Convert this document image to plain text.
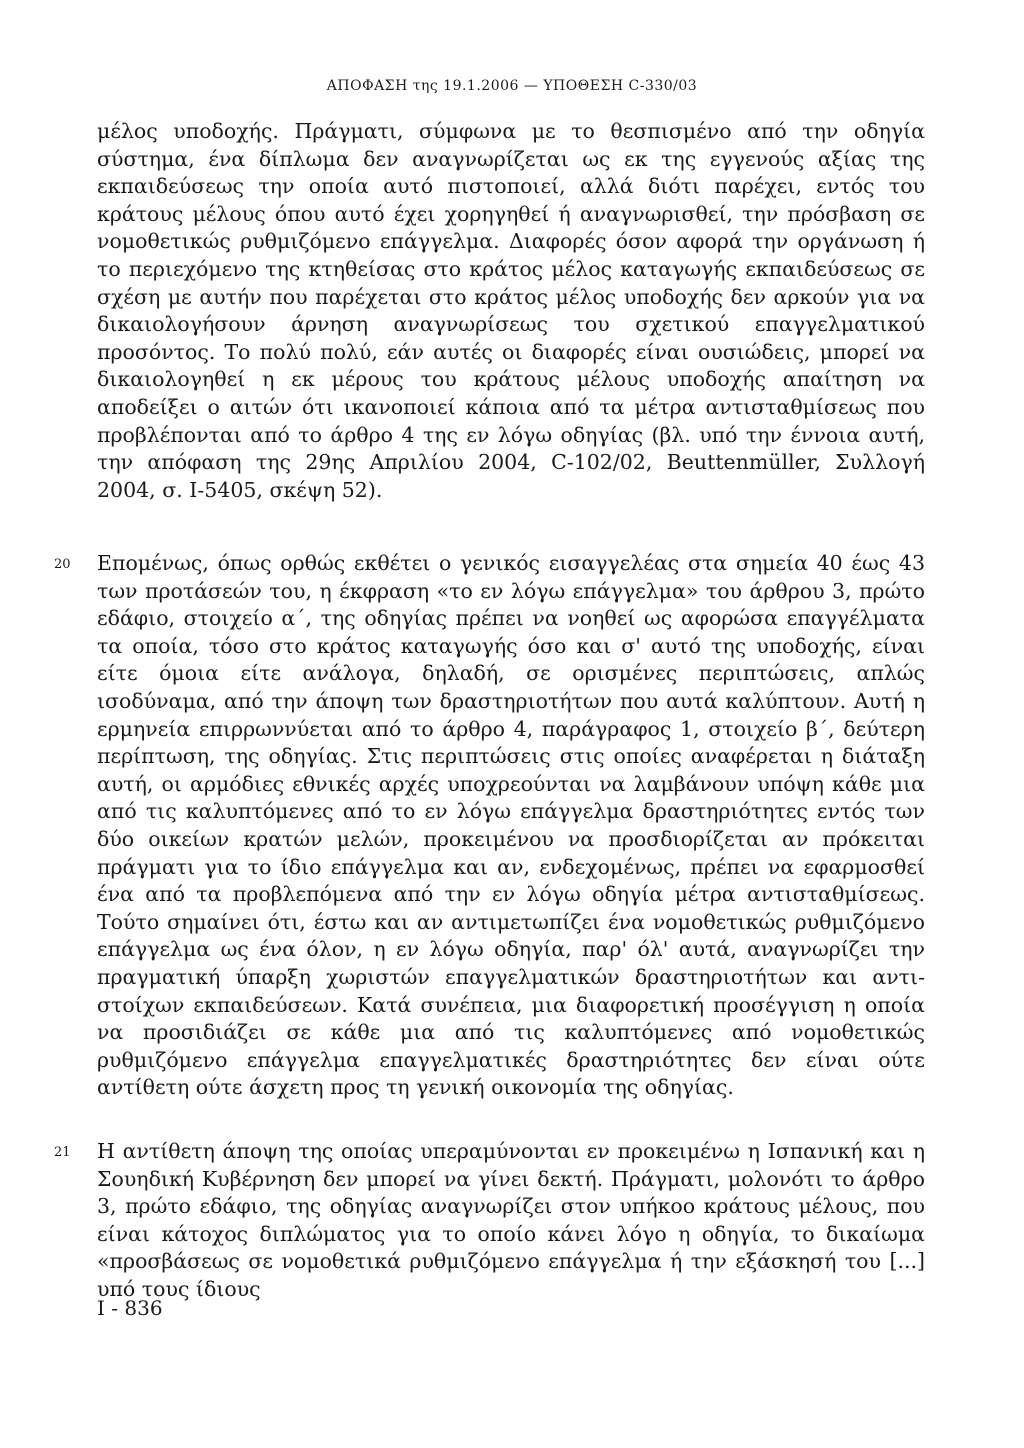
ΑΠΟΦΑΣΗ της 19.1.2006 — ΥΠΟΘΕΣΗ C-330/03

μέλος υποδοχής. Πράγματι, σύμφωνα με το θεσπισμένο από την οδηγία σύστημα, ένα δίπλωμα δεν αναγνωρίζεται ως εκ της εγγενούς αξίας της εκπαιδεύσεως την οποία αυτό πιστοποιεί, αλλά διότι παρέχει, εντός του κράτους μέλους όπου αυτό έχει χορηγηθεί ή αναγνωρισθεί, την πρόσβαση σε νομοθετικώς ρυθμιζόμενο επάγγελμα. Διαφορές όσον αφορά την οργάνωση ή το περιεχόμενο της κτηθείσας στο κράτος μέλος καταγωγής εκπαιδεύσεως σε σχέση με αυτήν που παρέχεται στο κράτος μέλος υποδοχής δεν αρκούν για να δικαιολογήσουν άρνηση αναγνωρίσεως του σχετικού επαγγελματικού προσόντος. Το πολύ πολύ, εάν αυτές οι διαφορές είναι ουσιώδεις, μπορεί να δικαιολογηθεί η εκ μέρους του κράτους μέλους υποδοχής απαίτηση να αποδείξει ο αιτών ότι ικανοποιεί κάποια από τα μέτρα αντισταθμίσεως που προβλέπονται από το άρθρο 4 της εν λόγω οδηγίας (βλ. υπό την έννοια αυτή, την απόφαση της 29ης Απριλίου 2004, C-102/02, Beuttenmüller, Συλλογή 2004, σ. I-5405, σκέψη 52).

20 Επομένως, όπως ορθώς εκθέτει ο γενικός εισαγγελέας στα σημεία 40 έως 43 των προτάσεών του, η έκφραση «το εν λόγω επάγγελμα» του άρθρου 3, πρώτο εδάφιο, στοιχείο α΄, της οδηγίας πρέπει να νοηθεί ως αφορώσα επαγγέλματα τα οποία, τόσο στο κράτος καταγωγής όσο και σ' αυτό της υποδοχής, είναι είτε όμοια είτε ανάλογα, δηλαδή, σε ορισμένες περιπτώσεις, απλώς ισοδύναμα, από την άποψη των δραστηριοτήτων που αυτά καλύπτουν. Αυτή η ερμηνεία επιρρωννύεται από το άρθρο 4, παράγραφος 1, στοιχείο β΄, δεύτερη περίπτωση, της οδηγίας. Στις περιπτώσεις στις οποίες αναφέρεται η διάταξη αυτή, οι αρμόδιες εθνικές αρχές υποχρεούνται να λαμβάνουν υπόψη κάθε μια από τις καλυπτόμενες από το εν λόγω επάγγελμα δραστηριότητες εντός των δύο οικείων κρατών μελών, προκειμένου να προσδιορίζεται αν πρόκειται πράγματι για το ίδιο επάγγελμα και αν, ενδεχομένως, πρέπει να εφαρμοσθεί ένα από τα προβλεπόμενα από την εν λόγω οδηγία μέτρα αντισταθμίσεως. Τούτο σημαίνει ότι, έστω και αν αντιμετωπίζει ένα νομοθετικώς ρυθμιζόμενο επάγγελμα ως ένα όλον, η εν λόγω οδηγία, παρ' όλ' αυτά, αναγνωρίζει την πραγματική ύπαρξη χωριστών επαγγελματικών δραστηριοτήτων και αντιστοίχων εκπαιδεύσεων. Κατά συνέπεια, μια διαφορετική προσέγγιση η οποία να προσιδιάζει σε κάθε μια από τις καλυπτόμενες από νομοθετικώς ρυθμιζόμενο επάγγελμα επαγγελματικές δραστηριότητες δεν είναι ούτε αντίθετη ούτε άσχετη προς τη γενική οικονομία της οδηγίας.

21 Η αντίθετη άποψη της οποίας υπεραμύνονται εν προκειμένω η Ισπανική και η Σουηδική Κυβέρνηση δεν μπορεί να γίνει δεκτή. Πράγματι, μολονότι το άρθρο 3, πρώτο εδάφιο, της οδηγίας αναγνωρίζει στον υπήκοο κράτους μέλους, που είναι κάτοχος διπλώματος για το οποίο κάνει λόγο η οδηγία, το δικαίωμα «προσβάσεως σε νομοθετικά ρυθμιζόμενο επάγγελμα ή την εξάσκησή του [...] υπό τους ίδιους

I - 836
